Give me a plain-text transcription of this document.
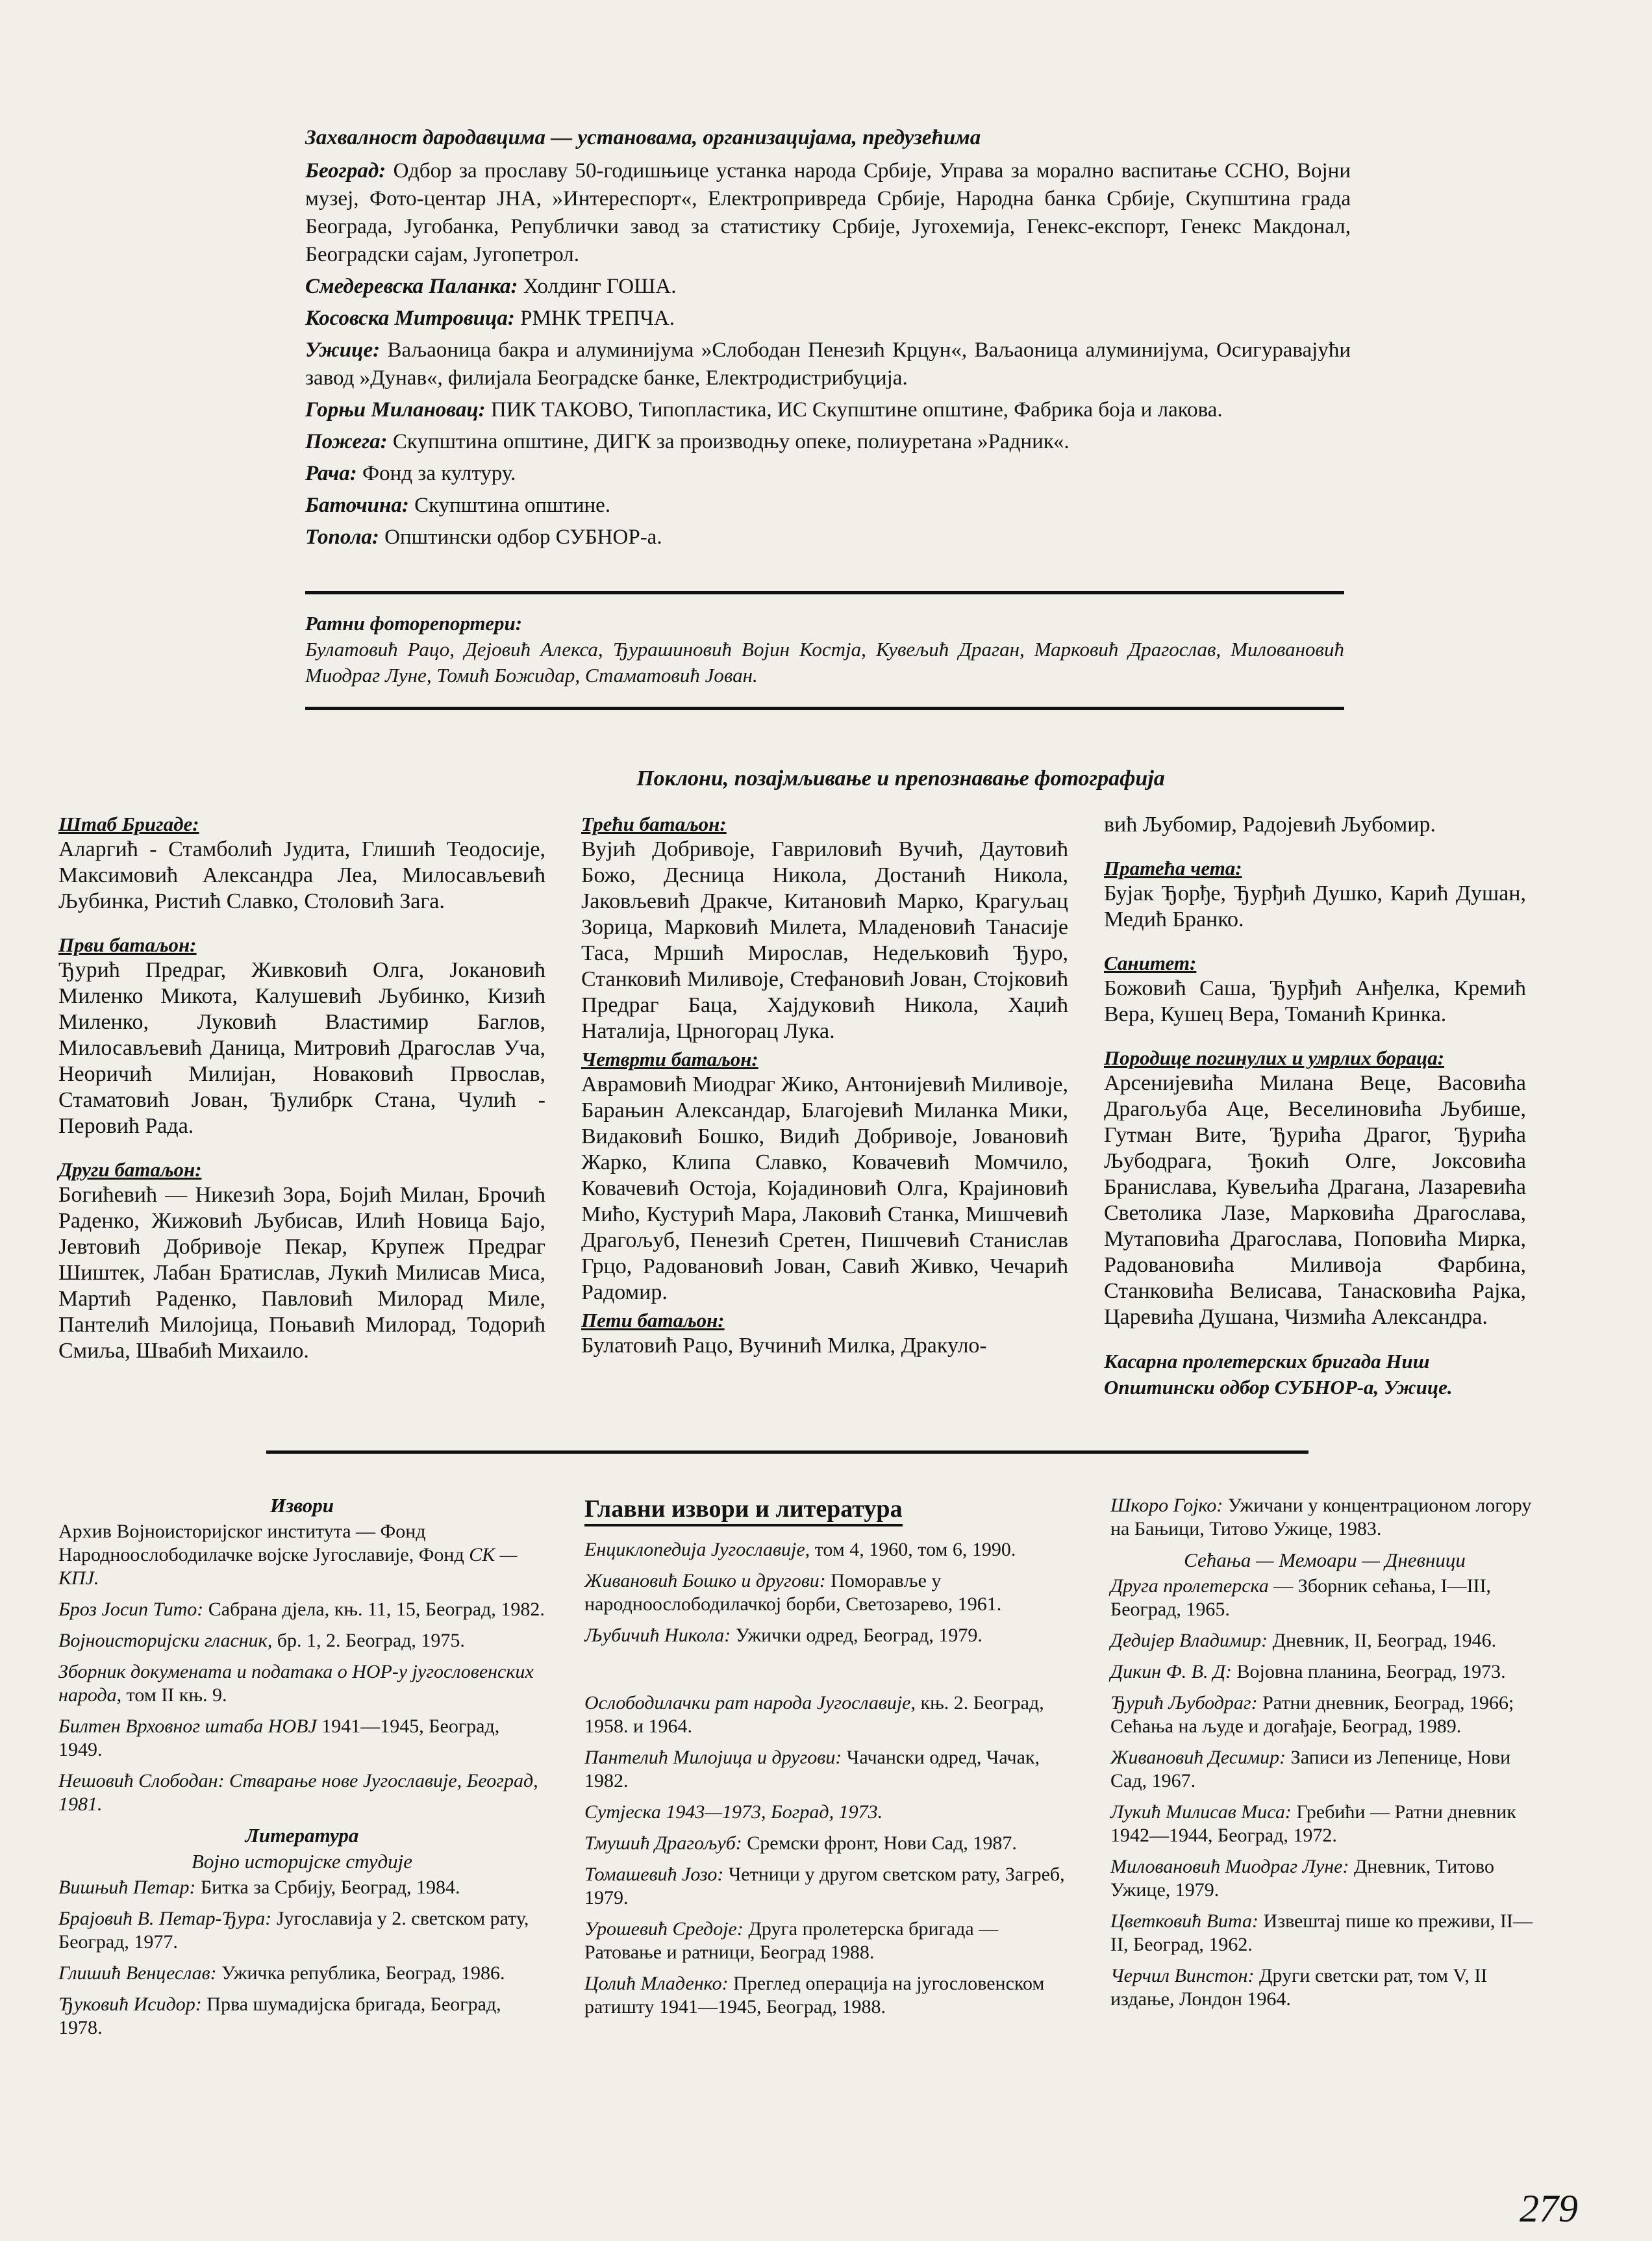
Захвалност дародавцима — установама, организацијама, предузећима
Београд: Одбор за прославу 50-годишњице устанка народа Србије, Управа за морално васпитање ССНО, Војни музеј, Фото-центар ЈНА, »Интереспорт«, Електропривреда Србије, Народна банка Србије, Скупштина града Београда, Југобанка, Републички завод за статистику Србије, Југохемија, Генекс-експорт, Генекс Макдонал, Београдски сајам, Југопетрол.
Смедеревска Паланка: Холдинг ГОША.
Косовска Митровица: РМНК ТРЕПЧА.
Ужице: Ваљаоница бакра и алуминијума »Слободан Пенезић Крцун«, Ваљаоница алуминијума, Осигуравајући завод »Дунав«, филијала Београдске банке, Електродистрибуција.
Горњи Милановац: ПИК ТАКОВО, Типопластика, ИС Скупштине општине, Фабрика боја и лакова.
Пожега: Скупштина општине, ДИГК за производњу опеке, полиуретана »Радник«.
Рача: Фонд за културу.
Баточина: Скупштина општине.
Топола: Општински одбор СУБНОР-а.
Ратни фоторепортери:
Булатовић Рацо, Дејовић Алекса, Ђурашиновић Војин Костја, Кувељић Драган, Марковић Драгослав, Миловановић Миодраг Луне, Томић Божидар, Стаматовић Јован.
Поклони, позајмљивање и препознавање фотографија
Штаб Бригаде:
Аларгић - Стамболић Јудита, Глишић Теодосије, Максимовић Александра Леа, Милосављевић Љубинка, Ристић Славко, Столовић Зага.
Први батаљон:
Ђурић Предраг, Живковић Олга, Јокановић Миленко Микота, Калушевић Љубинко, Кизић Миленко, Луковић Властимир Баглов, Милосављевић Даница, Митровић Драгослав Уча, Неоричић Милијан, Новаковић Првослав, Стаматовић Јован, Ђулибрк Стана, Чулић - Перовић Рада.
Други батаљон:
Богићевић — Никезић Зора, Бојић Милан, Брочић Раденко, Жижовић Љубисав, Илић Новица Бајо, Јевтовић Добривоје Пекар, Крупеж Предраг Шиштек, Лабан Братислав, Лукић Милисав Миса, Мартић Раденко, Павловић Милорад Миле, Пантелић Милојица, Поњавић Милорад, Тодорић Смиља, Швабић Михаило.
Трећи батаљон:
Вујић Добривоје, Гавриловић Вучић, Даутовић Божо, Десница Никола, Достанић Никола, Јаковљевић Дракче, Китановић Марко, Крагуљац Зорица, Марковић Милета, Младеновић Танасије Таса, Мршић Мирослав, Недељковић Ђуро, Станковић Миливоје, Стефановић Јован, Стојковић Предраг Баца, Хајдуковић Никола, Хаџић Наталија, Црногорац Лука.
Четврти батаљон:
Аврамовић Миодраг Жико, Антонијевић Миливоје, Барањин Александар, Благојевић Миланка Мики, Видаковић Бошко, Видић Добривоје, Јовановић Жарко, Клипа Славко, Ковачевић Момчило, Ковачевић Остоја, Којадиновић Олга, Крајиновић Мићо, Кустурић Мара, Лаковић Станка, Мишчевић Драгољуб, Пенезић Сретен, Пишчевић Станислав Грцо, Радовановић Јован, Савић Живко, Чечарић Радомир.
Пети батаљон:
Булатовић Рацо, Вучинић Милка, Дракуло-
вић Љубомир, Радојевић Љубомир.
Пратећа чета:
Бујак Ђорђе, Ђурђић Душко, Карић Душан, Медић Бранко.
Санитет:
Божовић Саша, Ђурђић Анђелка, Кремић Вера, Кушец Вера, Томанић Кринка.
Породице погинулих и умрлих бораца:
Арсенијевића Милана Веце, Васовића Драгољуба Аце, Веселиновића Љубише, Гутман Вите, Ђурића Драгог, Ђурића Љубодрага, Ђокић Олге, Јоксовића Бранислава, Кувељића Драгана, Лазаревића Светолика Лазе, Марковића Драгослава, Мутаповића Драгослава, Поповића Мирка, Радовановића Миливоја Фарбина, Станковића Велисава, Танасковића Рајка, Царевића Душана, Чизмића Александра.
Касарна пролетерских бригада Ниш
Општински одбор СУБНОР-а, Ужице.
Извори
Архив Војноисторијског института — Фонд Народноослободилачке војске Југославије, Фонд СК — КПЈ.
Броз Јосип Тито: Сабрана дјела, књ. 11, 15, Београд, 1982.
Војноисторијски гласник, бр. 1, 2. Београд, 1975.
Зборник докумената и података о НОР-у југословенских народа, том II књ. 9.
Билтен Врховног штаба НОВЈ 1941—1945, Београд, 1949.
Нешовић Слободан: Стварање нове Југославије, Београд, 1981.
Литература
Војно историјске студије
Вишњић Петар: Битка за Србију, Београд, 1984.
Брајовић В. Петар-Ђура: Југославија у 2. светском рату, Београд, 1977.
Глишић Венцеслав: Ужичка република, Београд, 1986.
Ђуковић Исидор: Прва шумадијска бригада, Београд, 1978.
Главни извори и литература
Енциклопедија Југославије, том 4, 1960, том 6, 1990.
Живановић Бошко и другови: Поморавље у народноослободилачкој борби, Светозарево, 1961.
Љубичић Никола: Ужички одред, Београд, 1979.
Ослободилачки рат народа Југославије, књ. 2. Београд, 1958. и 1964.
Пантелић Милојица и другови: Чачански одред, Чачак, 1982.
Сутјеска 1943—1973, Боград, 1973.
Тмушић Драгољуб: Сремски фронт, Нови Сад, 1987.
Томашевић Јозо: Четници у другом светском рату, Загреб, 1979.
Урошевић Средоје: Друга пролетерска бригада — Ратовање и ратници, Београд 1988.
Цолић Младенко: Преглед операција на југословенском ратишту 1941—1945, Београд, 1988.
Шкоро Гојко: Ужичани у концентрационом логору на Бањици, Титово Ужице, 1983.
Сећања — Мемоари — Дневници
Друга пролетерска — Зборник сећања, I—III, Београд, 1965.
Дедијер Владимир: Дневник, II, Београд, 1946.
Дикин Ф. В. Д: Војовна планина, Београд, 1973.
Ђурић Љубодраг: Ратни дневник, Београд, 1966; Сећања на људе и догађаје, Београд, 1989.
Живановић Десимир: Записи из Лепенице, Нови Сад, 1967.
Лукић Милисав Миса: Гребићи — Ратни дневник 1942—1944, Београд, 1972.
Миловановић Миодраг Луне: Дневник, Титово Ужице, 1979.
Цветковић Вита: Извештај пише ко преживи, II—II, Београд, 1962.
Черчил Винстон: Други светски рат, том V, II издање, Лондон 1964.
279
